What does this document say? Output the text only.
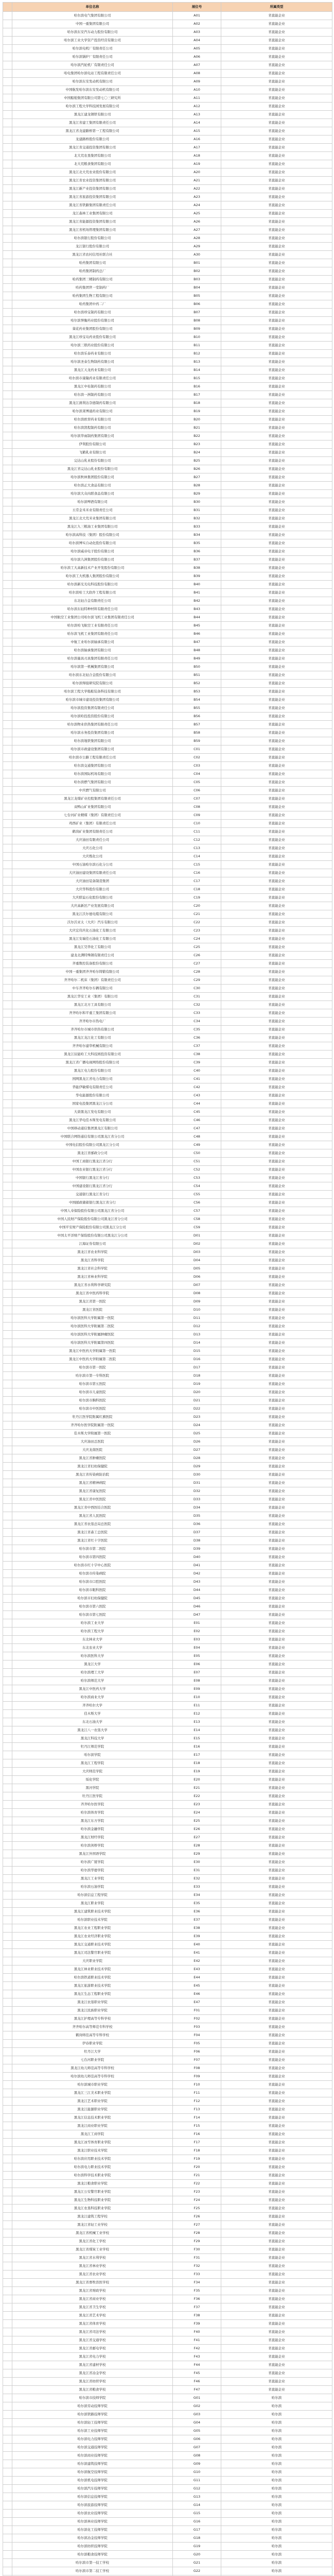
	单位名称	展位号	所属类型
	哈尔滨电气集团有限公司	A01	省直能企业
	中国一重集团有限公司	A02	省直能企业
	哈尔滨东安汽车动力股份有限公司	A03	省直能企业
	哈尔滨工业大学资产投资经营有限公司	A04	省直能企业
	哈尔滨电机厂有限责任公司	A05	省直能企业
	哈尔滨锅炉厂有限责任公司	A06	省直能企业
	哈尔滨汽轮机厂有限责任公司	A07	省直能企业
	哈电集团哈尔滨电站工程有限责任公司	A08	省直能企业
	哈尔滨东安发动机有限公司	A09	省直能企业
	中国航发哈尔滨东安发动机有限公司	A10	省直能企业
	中国船舶集团有限公司第七〇三研究所	A11	省直能企业
	哈尔滨工程大学科技园发展有限公司	A12	省直能企业
	黑龙江建龙钢铁有限公司	A13	省直能企业
	黑龙江省建工集团有限责任公司	A14	省直能企业
	黑龙江省龙建路桥第一工程有限公司	A15	省直能企业
	龙建路桥股份有限公司	A16	省直能企业
	黑龙江省交通投资集团有限公司	A17	省直能企业
	北大荒农垦集团有限公司	A18	省直能企业
	北大荒粮食集团有限公司	A19	省直能企业
	黑龙江北大荒农业股份有限公司	A20	省直能企业
	黑龙江省农业投资集团有限公司	A21	省直能企业
	黑龙江新产业投资集团有限公司	A22	省直能企业
	黑龙江省旅游投资集团有限公司	A23	省直能企业
	黑龙江省铁路集团有限责任公司	A24	省直能企业
	龙江森林工业集团有限公司	A25	省直能企业
	黑龙江省能源投资集团有限公司	A26	省直能企业
	黑龙江省机场管理集团有限公司	A27	省直能企业
	哈尔滨银行股份有限公司	A28	省直能企业
	龙江银行股份有限公司	A29	省直能企业
	黑龙江省农村信用社联合社	A30	省直能企业
	哈药集团有限公司	B01	省直能企业
	哈药集团制药总厂	B02	省直能企业
	哈药集团三精制药有限公司	B03	省直能企业
	哈药集团世一堂制药厂	B04	省直能企业
	哈药集团生物工程有限公司	B05	省直能企业
	哈药集团中药二厂	B06	省直能企业
	哈尔滨珍宝制药有限公司	B07	省直能企业
	哈尔滨誉衡药业股份有限公司	B08	省直能企业
	葵花药业集团股份有限公司	B09	省直能企业
	黑龙江珍宝岛药业股份有限公司	B10	省直能企业
	哈尔滨三联药业股份有限公司	B11	省直能企业
	哈尔滨乐泰药业有限公司	B12	省直能企业
	哈尔滨圣泰生物制药有限公司	B13	省直能企业
	黑龙江天龙药业有限公司	B14	省直能企业
	哈尔滨市康隆药业有限责任公司	B15	省直能企业
	黑龙江中桂制药有限公司	B16	省直能企业
	哈尔滨一洲制药有限公司	B17	省直能企业
	黑龙江澳利达奈德制药有限公司	B18	省直能企业
	哈尔滨莱博通药业有限公司	B19	省直能企业
	哈尔滨欧替药业有限公司	B20	省直能企业
	哈尔滨凯程制药有限公司	B21	省直能企业
	哈尔滨华雨制药集团有限公司	B22	省直能企业
	伊利股份有限公司	B23	省直能企业
	飞鹤乳业有限公司	B24	省直能企业
	完达山乳业股份有限公司	B25	省直能企业
	黑龙江省完达山乳业股份有限公司	B26	省直能企业
	哈尔滨秋林集团股份有限公司	B27	省直能企业
	哈尔滨正大食品有限公司	B28	省直能企业
	哈尔滨大众肉联食品有限公司	B29	省直能企业
	哈尔滨啤酒有限公司	B30	省直能企业
	五常金禾米业有限责任公司	B31	省直能企业
	黑龙江北大荒米业集团有限公司	B32	省直能企业
	黑龙江九三粮油工业集团有限公司	B33	省直能企业
	哈尔滨高科技（集团）股份有限公司	B34	省直能企业
	哈尔滨博实自动化股份有限公司	B35	省直能企业
	哈尔滨威帝电子股份有限公司	B36	省直能企业
	哈尔滨九洲集团股份有限公司	B37	省直能企业
	哈尔滨工大高新技术产业开发股份有限公司	B38	省直能企业
	哈尔滨工大机器人集团股份有限公司	B39	省直能企业
	哈尔滨新光光电科技股份有限公司	B40	省直能企业
	哈尔滨哈工大软件工程有限公司	B41	省直能企业
	东北轻合金有限责任公司	B42	省直能企业
	哈尔滨东轻特种材料有限责任公司	B43	省直能企业
	中国航空工业集团公司哈尔滨飞机工业集团有限责任公司	B44	省直能企业
	哈尔滨哈飞航空工业有限责任公司	B45	省直能企业
	哈尔滨飞机工业集团有限责任公司	B46	省直能企业
	中航工业哈尔滨轴承有限公司	B47	省直能企业
	哈尔滨轴承集团有限公司	B48	省直能企业
	哈尔滨量具刃具集团有限责任公司	B49	省直能企业
	哈尔滨第一机械集团有限公司	B50	省直能企业
	哈尔滨东北轻合金股份有限公司	B51	省直能企业
	哈尔滨焊接研究院有限公司	B52	省直能企业
	哈尔滨工程大学船舶装备科技有限公司	B53	省直能企业
	哈尔滨市城市建设投资集团有限公司	B54	省直能企业
	哈尔滨投资集团有限责任公司	B55	省直能企业
	哈尔滨哈投投资股份有限公司	B56	省直能企业
	哈尔滨物业供热集团有限责任公司	B57	省直能企业
	哈尔滨水务投资集团有限公司	B58	省直能企业
	哈尔滨地铁集团有限公司	B59	省直能企业
	哈尔滨市政建设集团有限公司	C01	省直能企业
	哈尔滨市公路工程有限责任公司	C02	省直能企业
	哈尔滨交通集团有限公司	C03	省直能企业
	哈尔滨国际机场有限公司	C04	省直能企业
	哈尔滨燃气集团有限公司	C05	省直能企业
	中庆燃气有限公司	C06	省直能企业
	黑龙江龙煤矿业控股集团有限责任公司	C07	省直能企业
	双鸭山矿业集团有限公司	C08	省直能企业
	七台河矿业精煤（集团）有限责任公司	C09	省直能企业
	鸡西矿业（集团）有限责任公司	C10	省直能企业
	鹤岗矿业集团有限责任公司	C11	省直能企业
	大庆油田有限责任公司	C12	省直能企业
	大庆石化公司	C13	省直能企业
	大庆炼化公司	C14	省直能企业
	中国石油哈尔滨石化分公司	C15	省直能企业
	大庆油田建设集团有限责任公司	C16	省直能企业
	大庆油田装备制造集团	C17	省直能企业
	大庆华科股份有限公司	C18	省直能企业
	大庆联谊石化股份有限公司	C19	省直能企业
	大庆高新区产业发展有限公司	C20	省直能企业
	黑龙江沃尔德电缆有限公司	C21	省直能企业
	沃尔沃亚太（大庆）汽车有限公司	C22	省直能企业
	大庆宏伟庆化石油化工有限公司	C23	省直能企业
	黑龙江安瑞佳石油化工有限公司	C24	省直能企业
	黑龙江昊华化工有限公司	C25	省直能企业
	建龙北满特殊钢有限责任公司	C26	省直能企业
	齐重数控装备股份有限公司	C27	省直能企业
	中国一重集团齐齐哈尔铸锻有限公司	C28	省直能企业
	齐齐哈尔二机床（集团）有限责任公司	C29	省直能企业
	中车齐齐哈尔车辆有限公司	C30	省直能企业
	黑龙江华安工业（集团）有限公司	C31	省直能企业
	黑龙江北方工具有限公司	C32	省直能企业
	齐齐哈尔和平重工集团有限公司	C33	省直能企业
	齐齐哈尔市热电厂	C34	省直能企业
	齐齐哈尔市城市供热有限公司	C35	省直能企业
	黑龙江龙江化工有限公司	C36	省直能企业
	齐齐哈尔建华机械有限公司	C37	省直能企业
	黑龙江辰能哈工大科技园投资有限公司	C38	省直能企业
	黑龙江省广播电视网络股份有限公司	C39	省直能企业
	黑龙江电力股份有限公司	C40	省直能企业
	国网黑龙江省电力有限公司	C41	省直能企业
	华能伊敏煤电有限责任公司	C42	省直能企业
	华电能源股份有限公司	C43	省直能企业
	国家电投集团黑龙江分公司	C44	省直能企业
	大唐黑龙江发电有限公司	C45	省直能企业
	黑龙江华电佳木斯发电有限公司	C46	省直能企业
	中国移动通信集团黑龙江有限公司	C47	省直能企业
	中国联合网络通信有限公司黑龙江省分公司	C48	省直能企业
	中国电信股份有限公司黑龙江分公司	C49	省直能企业
	黑龙江省邮政分公司	C50	省直能企业
	中国工商银行黑龙江省分行	C51	省直能企业
	中国农业银行黑龙江省分行	C52	省直能企业
	中国银行黑龙江省分行	C53	省直能企业
	中国建设银行黑龙江省分行	C54	省直能企业
	交通银行黑龙江省分行	C55	省直能企业
	中国邮政储蓄银行黑龙江省分行	C56	省直能企业
	中国人寿保险股份有限公司黑龙江省分公司	C57	省直能企业
	中国人民财产保险股份有限公司黑龙江省分公司	C58	省直能企业
	中国平安财产保险股份有限公司黑龙江分公司	C59	省直能企业
	中国太平洋财产保险股份有限公司黑龙江分公司	D01	省直能企业
	江海证券有限公司	D02	省直能企业
	黑龙江省农业科学院	D03	省直能企业
	黑龙江省科学院	D04	省直能企业
	黑龙江省社会科学院	D05	省直能企业
	黑龙江省林业科学院	D06	省直能企业
	黑龙江省水利科学研究院	D07	省直能企业
	黑龙江省中医药科学院	D08	省直能企业
	黑龙江省第一医院	D09	省直能企业
	黑龙江省医院	D10	省直能企业
	哈尔滨医科大学附属第一医院	D11	省直能企业
	哈尔滨医科大学附属第二医院	D12	省直能企业
	哈尔滨医科大学附属肿瘤医院	D13	省直能企业
	哈尔滨医科大学附属第四医院	D14	省直能企业
	黑龙江中医药大学附属第一医院	D15	省直能企业
	黑龙江中医药大学附属第二医院	D16	省直能企业
	哈尔滨市第一医院	D17	省直能企业
	哈尔滨市第一专科医院	D18	省直能企业
	哈尔滨市第五医院	D19	省直能企业
	哈尔滨市儿童医院	D20	省直能企业
	哈尔滨市胸科医院	D21	省直能企业
	哈尔滨市中医医院	D22	省直能企业
	牡丹江医学院附属红旗医院	D23	省直能企业
	齐齐哈尔医学院附属第一医院	D24	省直能企业
	佳木斯大学附属第一医院	D25	省直能企业
	大庆油田总医院	D26	省直能企业
	大庆龙南医院	D27	省直能企业
	黑龙江省肿瘤医院	D28	省直能企业
	黑龙江省妇幼保健院	D29	省直能企业
	黑龙江省传染病防治院	D30	省直能企业
	黑龙江省精神病院	D31	省直能企业
	黑龙江省康复医院	D32	省直能企业
	黑龙江省中医医院	D33	省直能企业
	黑龙江省中西医结合医院	D34	省直能企业
	黑龙江省人民医院	D35	省直能企业
	黑龙江省农垦总局总医院	D36	省直能企业
	黑龙江省森工总医院	D37	省直能企业
	黑龙江省红十字医院	D38	省直能企业
	哈尔滨市第二医院	D39	省直能企业
	哈尔滨市第四医院	D40	省直能企业
	哈尔滨市红十字中心医院	D41	省直能企业
	哈尔滨市传染病院	D42	省直能企业
	哈尔滨市口腔医院	D43	省直能企业
	哈尔滨市眼科医院	D44	省直能企业
	哈尔滨市妇幼保健院	D45	省直能企业
	哈尔滨市第六医院	D46	省直能企业
	哈尔滨市第七医院	D47	省直能企业
	哈尔滨工业大学	E01	省直能企业
	哈尔滨工程大学	E02	省直能企业
	东北林业大学	E03	省直能企业
	东北农业大学	E04	省直能企业
	哈尔滨医科大学	E05	省直能企业
	黑龙江大学	E06	省直能企业
	哈尔滨理工大学	E07	省直能企业
	哈尔滨师范大学	E08	省直能企业
	黑龙江中医药大学	E09	省直能企业
	哈尔滨商业大学	E10	省直能企业
	齐齐哈尔大学	E11	省直能企业
	佳木斯大学	E12	省直能企业
	东北石油大学	E13	省直能企业
	黑龙江八一农垦大学	E14	省直能企业
	黑龙江科技大学	E15	省直能企业
	牡丹江师范学院	E16	省直能企业
	哈尔滨学院	E17	省直能企业
	黑龙江工程学院	E18	省直能企业
	大庆师范学院	E19	省直能企业
	绥化学院	E20	省直能企业
	黑河学院	E21	省直能企业
	牡丹江医学院	E22	省直能企业
	齐齐哈尔医学院	E23	省直能企业
	哈尔滨体育学院	E24	省直能企业
	黑龙江东方学院	E25	省直能企业
	哈尔滨金融学院	E26	省直能企业
	黑龙江财经学院	E27	省直能企业
	哈尔滨剑桥学院	E28	省直能企业
	黑龙江外国语学院	E29	省直能企业
	哈尔滨广厦学院	E30	省直能企业
	哈尔滨华德学院	E31	省直能企业
	黑龙江工业学院	E32	省直能企业
	哈尔滨石油学院	E33	省直能企业
	哈尔滨信息工程学院	E34	省直能企业
	黑龙江职业学院	E35	省直能企业
	黑龙江建筑职业技术学院	E36	省直能企业
	哈尔滨职业技术学院	E37	省直能企业
	黑龙江农业工程职业学院	E38	省直能企业
	黑龙江农业经济职业学院	E39	省直能企业
	黑龙江交通职业技术学院	E40	省直能企业
	黑龙江司法警官职业学院	E41	省直能企业
	大庆职业学院	E42	省直能企业
	黑龙江林业职业技术学院	E43	省直能企业
	哈尔滨铁道职业技术学院	E44	省直能企业
	黑龙江旅游职业技术学院	E45	省直能企业
	黑龙江生态工程职业学院	E46	省直能企业
	黑龙江农垦职业学院	E47	省直能企业
	黑龙江民族职业学院	F01	省直能企业
	黑龙江护理高等专科学校	F02	省直能企业
	齐齐哈尔高等师范专科学校	F03	省直能企业
	鹤岗师范高等专科学校	F04	省直能企业
	伊春职业学院	F05	省直能企业
	牡丹江大学	F06	省直能企业
	七台河职业学院	F07	省直能企业
	黑龙江幼儿师范高等专科学校	F08	省直能企业
	哈尔滨幼儿师范高等专科学校	F09	省直能企业
	哈尔滨城市职业学院	F10	省直能企业
	黑龙江三江美术职业学院	F11	省直能企业
	黑龙江艺术职业学院	F12	省直能企业
	黑龙江能源职业学院	F13	省直能企业
	黑龙江信息技术职业学院	F14	省直能企业
	黑龙江商业职业学院	F15	省直能企业
	黑龙江工商学院	F16	省直能企业
	黑龙江冰雪体育职业学院	F17	省直能企业
	黑龙江职业技术学院	F18	省直能企业
	哈尔滨应用职业技术学院	F19	省直能企业
	哈尔滨电力职业技术学院	F20	省直能企业
	哈尔滨科学技术职业学院	F21	省直能企业
	黑龙江粮食职业学院	F22	省直能企业
	黑龙江公安警官职业学院	F23	省直能企业
	黑龙江生物科技职业学院	F24	省直能企业
	黑龙江农垦科技职业学院	F25	省直能企业
	黑龙江建筑工程学校	F26	省直能企业
	黑龙江省轻工业学校	F27	省直能企业
	黑龙江省机械工业学校	F28	省直能企业
	黑龙江省化工学校	F29	省直能企业
	黑龙江省煤炭工业学校	F30	省直能企业
	黑龙江省水利学校	F31	省直能企业
	黑龙江省林业学校	F32	省直能企业
	黑龙江省农业学校	F33	省直能企业
	黑龙江省畜牧兽医学校	F34	省直能企业
	黑龙江省财政学校	F35	省直能企业
	黑龙江省商业学校	F36	省直能企业
	黑龙江省卫生学校	F37	省直能企业
	黑龙江省艺术学校	F38	省直能企业
	黑龙江省体育学校	F39	省直能企业
	黑龙江省司法学校	F40	省直能企业
	黑龙江省交通学校	F41	省直能企业
	黑龙江省邮电学校	F42	省直能企业
	黑龙江省电力学校	F43	省直能企业
	黑龙江省建材学校	F44	省直能企业
	黑龙江省冶金学校	F45	省直能企业
	黑龙江省纺织学校	F46	省直能企业
	黑龙江省粮食学校	F47	省直能企业
	哈尔滨市技师学院	G01	哈尔滨
	哈尔滨劳动技师学院	G02	哈尔滨
	哈尔滨铁路技师学院	G03	哈尔滨
	哈尔滨轻工技师学院	G04	哈尔滨
	哈尔滨工业技师学院	G05	哈尔滨
	哈尔滨电力技师学院	G06	哈尔滨
	哈尔滨交通技师学院	G07	哈尔滨
	哈尔滨商业技师学院	G08	哈尔滨
	哈尔滨建筑技师学院	G09	哈尔滨
	哈尔滨航空技师学院	G10	哈尔滨
	哈尔滨机电技师学院	G11	哈尔滨
	哈尔滨汽车技师学院	G12	哈尔滨
	哈尔滨信息技师学院	G13	哈尔滨
	哈尔滨旅游技师学院	G14	哈尔滨
	哈尔滨农业技师学院	G15	哈尔滨
	哈尔滨林业技师学院	G16	哈尔滨
	哈尔滨化工技师学院	G17	哈尔滨
	哈尔滨冶金技师学院	G18	哈尔滨
	哈尔滨纺织技师学院	G19	哈尔滨
	哈尔滨粮食技师学院	G20	哈尔滨
	哈尔滨市第一技工学校	G21	哈尔滨
	哈尔滨市第二技工学校	G22	哈尔滨
